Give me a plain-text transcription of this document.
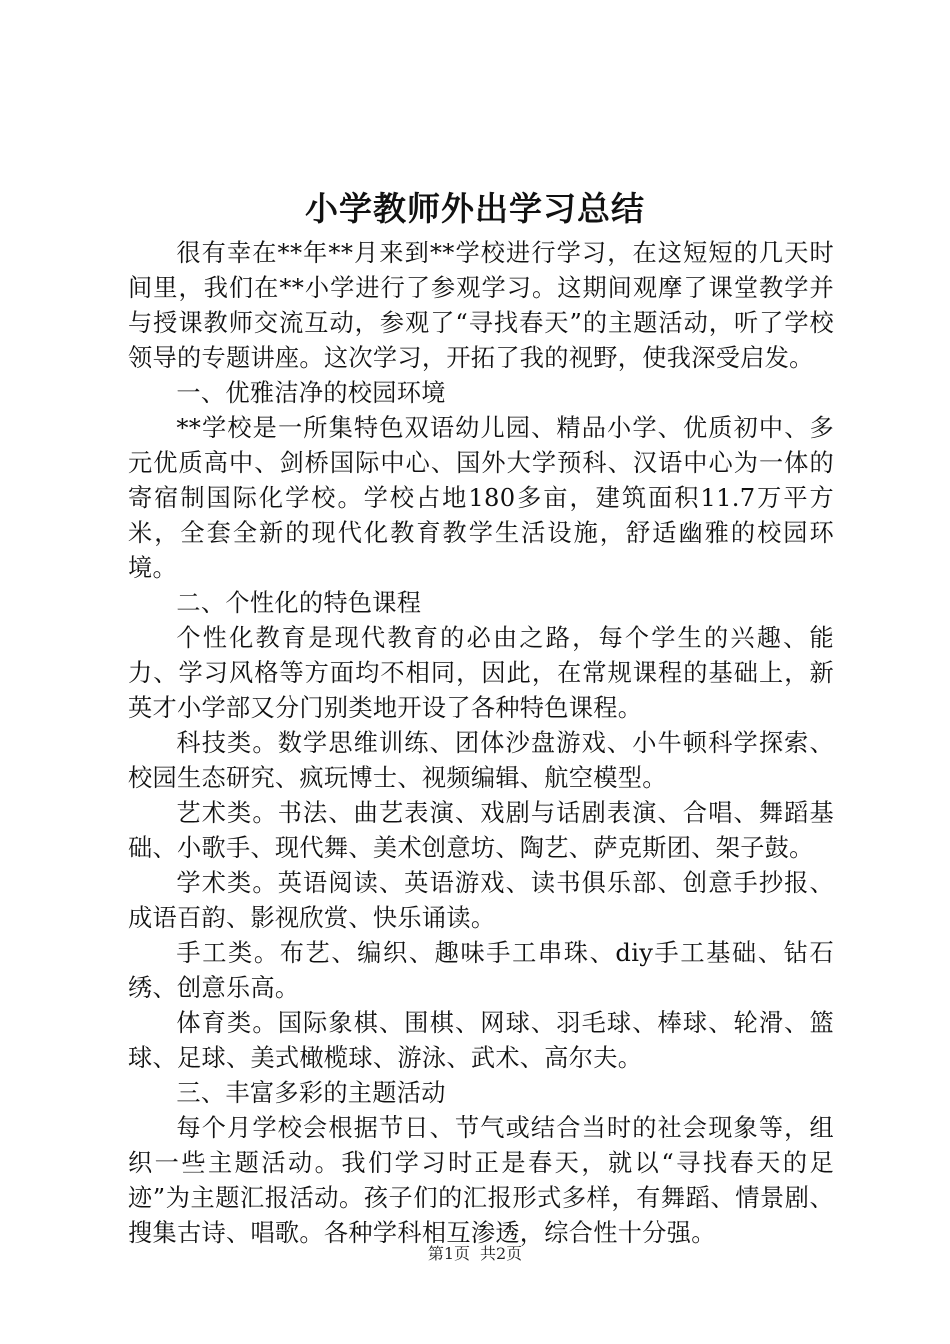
小学教师外出学习总结

很有幸在**年**月来到**学校进行学习，在这短短的几天时间里，我们在**小学进行了参观学习。这期间观摩了课堂教学并与授课教师交流互动，参观了“寻找春天”的主题活动，听了学校领导的专题讲座。这次学习，开拓了我的视野，使我深受启发。

一、优雅洁净的校园环境

**学校是一所集特色双语幼儿园、精品小学、优质初中、多元优质高中、剑桥国际中心、国外大学预科、汉语中心为一体的寄宿制国际化学校。学校占地180多亩，建筑面积11.7万平方米，全套全新的现代化教育教学生活设施，舒适幽雅的校园环境。

二、个性化的特色课程

个性化教育是现代教育的必由之路，每个学生的兴趣、能力、学习风格等方面均不相同，因此，在常规课程的基础上，新英才小学部又分门别类地开设了各种特色课程。

科技类。数学思维训练、团体沙盘游戏、小牛顿科学探索、校园生态研究、疯玩博士、视频编辑、航空模型。

艺术类。书法、曲艺表演、戏剧与话剧表演、合唱、舞蹈基础、小歌手、现代舞、美术创意坊、陶艺、萨克斯团、架子鼓。

学术类。英语阅读、英语游戏、读书俱乐部、创意手抄报、成语百韵、影视欣赏、快乐诵读。

手工类。布艺、编织、趣味手工串珠、diy手工基础、钻石绣、创意乐高。

体育类。国际象棋、围棋、网球、羽毛球、棒球、轮滑、篮球、足球、美式橄榄球、游泳、武术、高尔夫。

三、丰富多彩的主题活动

每个月学校会根据节日、节气或结合当时的社会现象等，组织一些主题活动。我们学习时正是春天，就以“寻找春天的足迹”为主题汇报活动。孩子们的汇报形式多样，有舞蹈、情景剧、搜集古诗、唱歌。各种学科相互渗透，综合性十分强。

第1页 共2页
